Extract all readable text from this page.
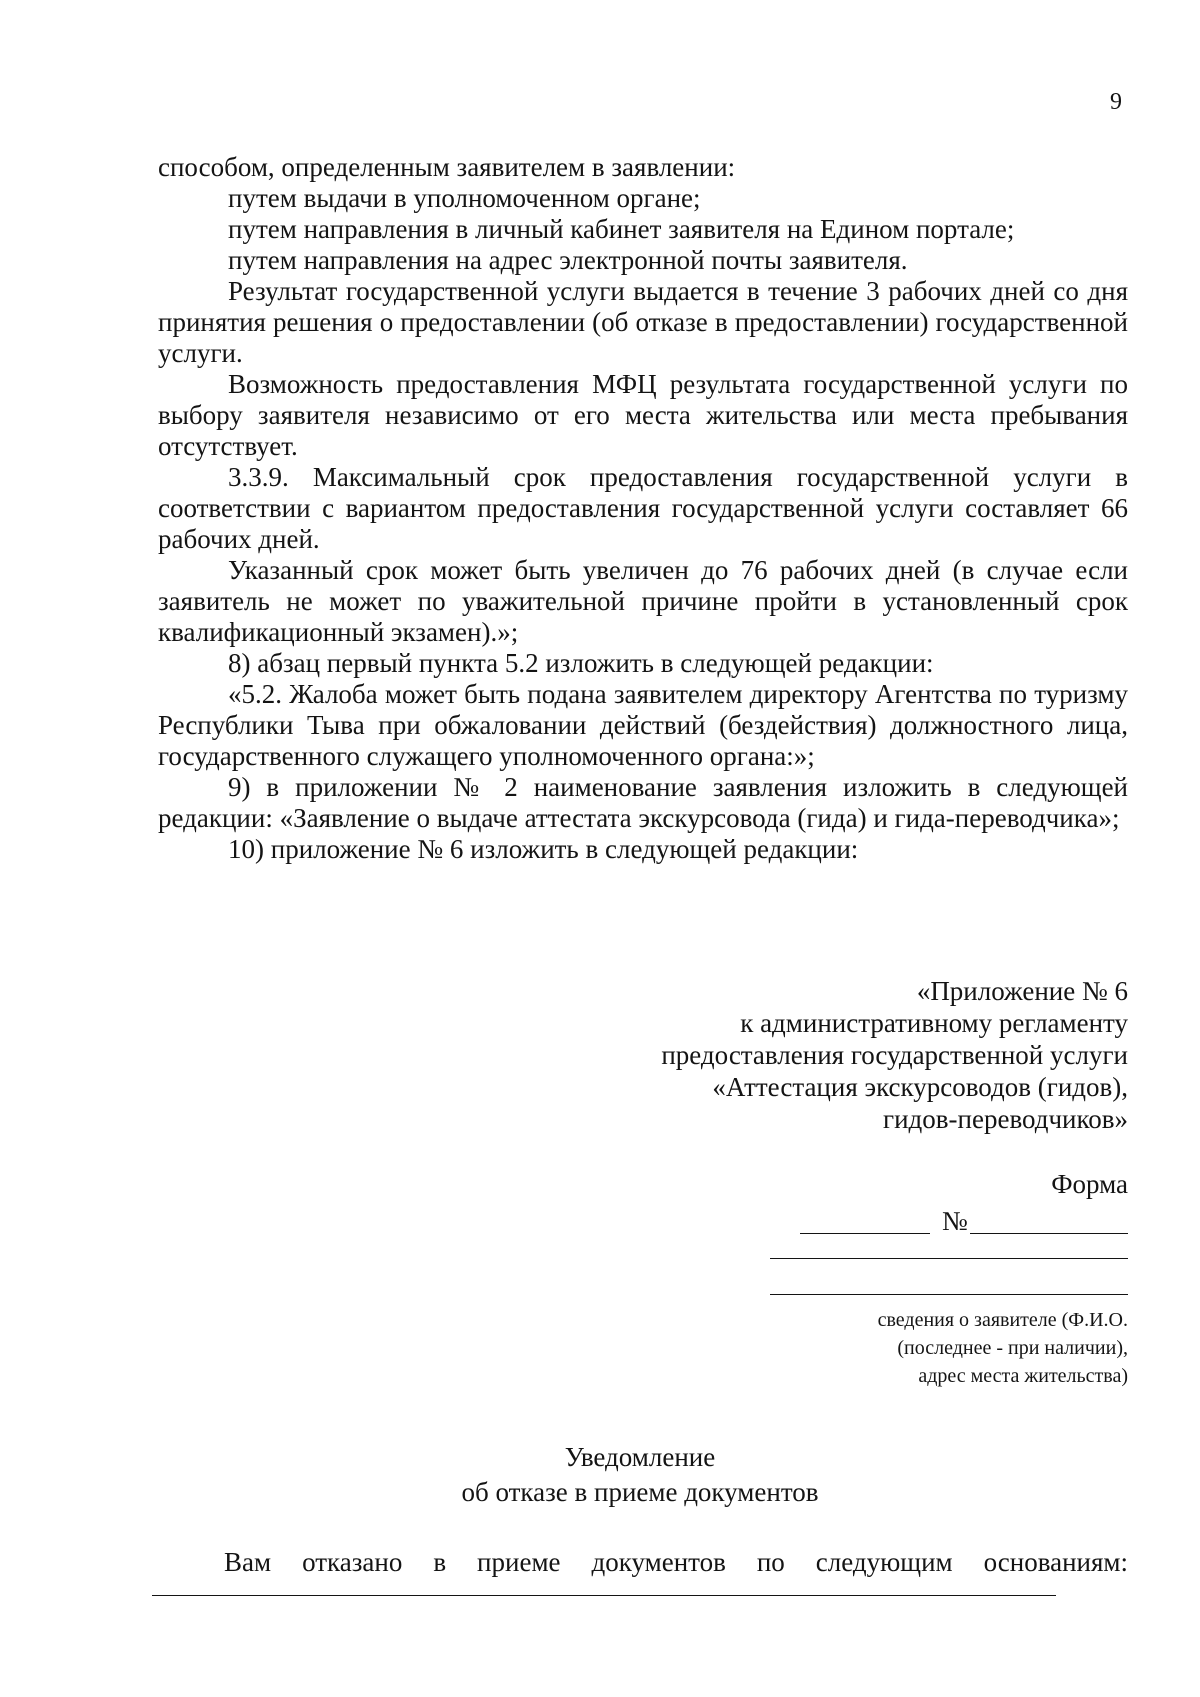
9

способом, определенным заявителем в заявлении:

путем выдачи в уполномоченном органе;

путем направления в личный кабинет заявителя на Едином портале;

путем направления на адрес электронной почты заявителя.

Результат государственной услуги выдается в течение 3 рабочих дней со дня принятия решения о предоставлении (об отказе в предоставлении) государственной услуги.

Возможность предоставления МФЦ результата государственной услуги по выбору заявителя независимо от его места жительства или места пребывания отсутствует.

3.3.9. Максимальный срок предоставления государственной услуги в соответствии с вариантом предоставления государственной услуги составляет 66 рабочих дней.

Указанный срок может быть увеличен до 76 рабочих дней (в случае если заявитель не может по уважительной причине пройти в установленный срок квалификационный экзамен).»;

8) абзац первый пункта 5.2 изложить в следующей редакции:

«5.2. Жалоба может быть подана заявителем директору Агентства по туризму Республики Тыва при обжаловании действий (бездействия) должностного лица, государственного служащего уполномоченного органа:»;

9) в приложении № 2 наименование заявления изложить в следующей редакции: «Заявление о выдаче аттестата экскурсовода (гида) и гида-переводчика»;

10) приложение № 6 изложить в следующей редакции:

«Приложение № 6
к административному регламенту
предоставления государственной услуги
«Аттестация экскурсоводов (гидов),
гидов-переводчиков»
Форма
№
сведения о заявителе (Ф.И.О.
(последнее - при наличии),
адрес места жительства)
Уведомление
об отказе в приеме документов
Вам отказано в приеме документов по следующим основаниям:
